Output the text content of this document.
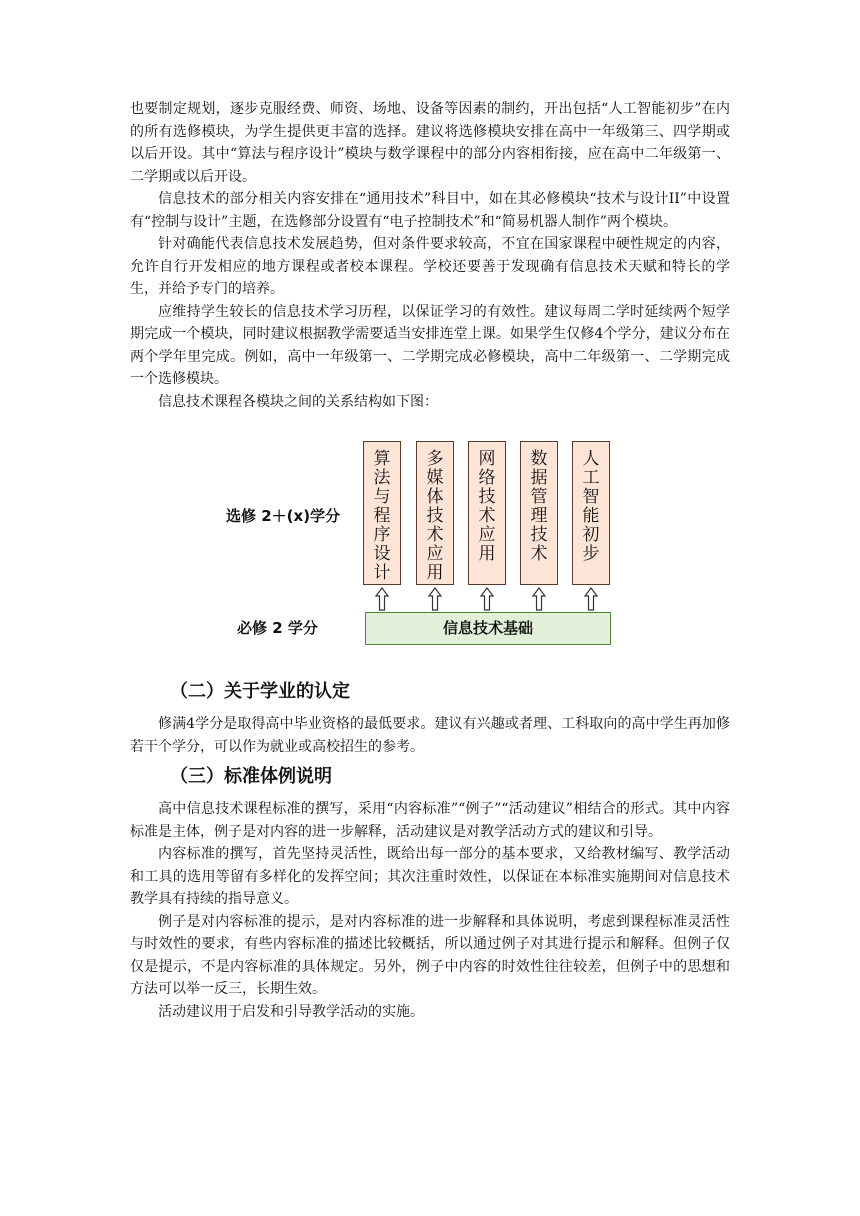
也要制定规划，逐步克服经费、师资、场地、设备等因素的制约，开出包括“人工智能初步”在内的所有选修模块，为学生提供更丰富的选择。建议将选修模块安排在高中一年级第三、四学期或以后开设。其中“算法与程序设计”模块与数学课程中的部分内容相衔接，应在高中二年级第一、二学期或以后开设。

信息技术的部分相关内容安排在“通用技术”科目中，如在其必修模块“技术与设计II”中设置有“控制与设计”主题，在选修部分设置有“电子控制技术”和“简易机器人制作”两个模块。

针对确能代表信息技术发展趋势，但对条件要求较高，不宜在国家课程中硬性规定的内容，允许自行开发相应的地方课程或者校本课程。学校还要善于发现确有信息技术天赋和特长的学生，并给予专门的培养。

应维持学生较长的信息技术学习历程，以保证学习的有效性。建议每周二学时延续两个短学期完成一个模块，同时建议根据教学需要适当安排连堂上课。如果学生仅修4个学分，建议分布在两个学年里完成。例如，高中一年级第一、二学期完成必修模块，高中二年级第一、二学期完成一个选修模块。

信息技术课程各模块之间的关系结构如下图：

选修 2＋(x)学分
必修 2 学分
算法与程序设计
多媒体技术应用
网络技术应用
数据管理技术
人工智能初步
信息技术基础
（二）关于学业的认定

修满4学分是取得高中毕业资格的最低要求。建议有兴趣或者理、工科取向的高中学生再加修若干个学分，可以作为就业或高校招生的参考。

（三）标准体例说明

高中信息技术课程标准的撰写，采用“内容标准”“例子”“活动建议”相结合的形式。其中内容标准是主体，例子是对内容的进一步解释，活动建议是对教学活动方式的建议和引导。

内容标准的撰写，首先坚持灵活性，既给出每一部分的基本要求，又给教材编写、教学活动和工具的选用等留有多样化的发挥空间；其次注重时效性，以保证在本标准实施期间对信息技术教学具有持续的指导意义。

例子是对内容标准的提示，是对内容标准的进一步解释和具体说明，考虑到课程标准灵活性与时效性的要求，有些内容标准的描述比较概括，所以通过例子对其进行提示和解释。但例子仅仅是提示，不是内容标准的具体规定。另外，例子中内容的时效性往往较差，但例子中的思想和方法可以举一反三，长期生效。

活动建议用于启发和引导教学活动的实施。
